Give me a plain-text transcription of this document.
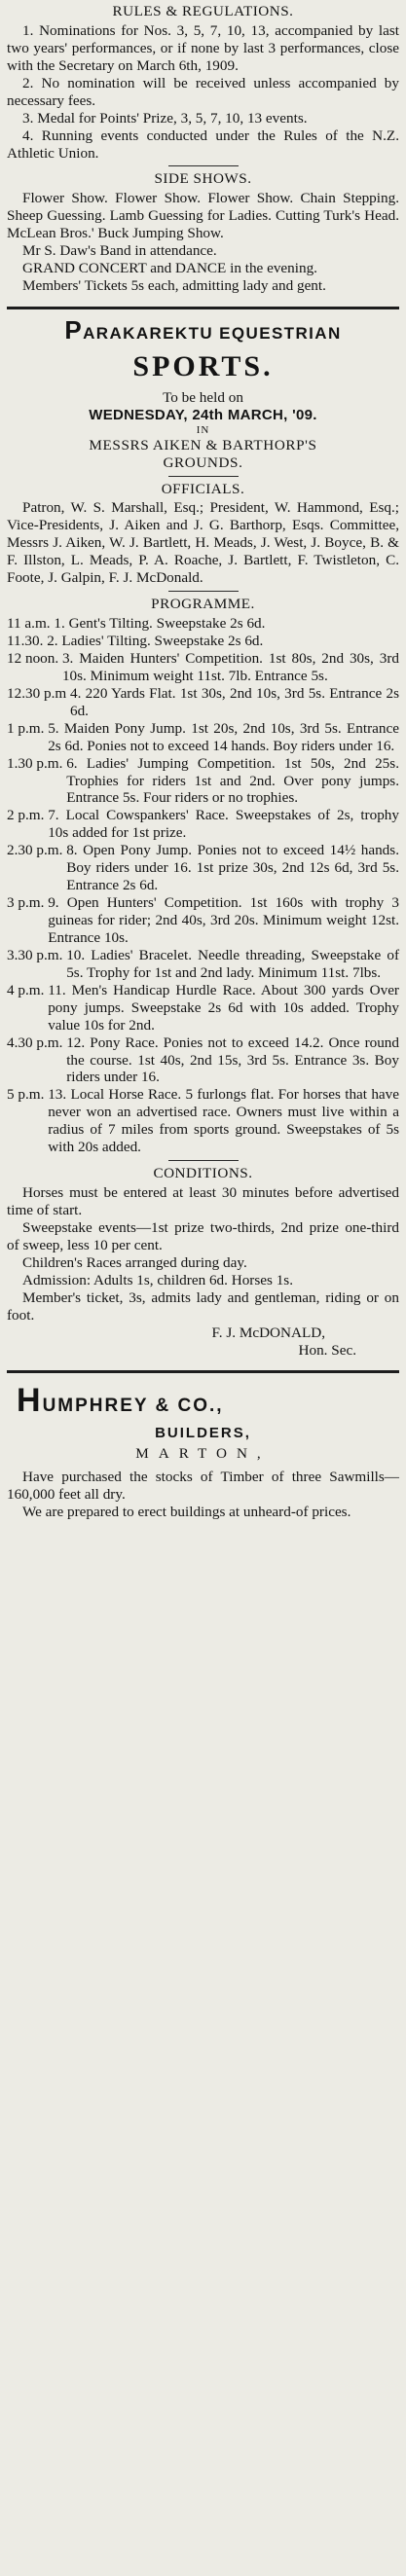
RULES & REGULATIONS.

1. Nominations for Nos. 3, 5, 7, 10, 13, accompanied by last two years' performances, or if none by last 3 performances, close with the Secretary on March 6th, 1909.

2. No nomination will be received unless accompanied by necessary fees.

3. Medal for Points' Prize, 3, 5, 7, 10, 13 events.

4. Running events conducted under the Rules of the N.Z. Athletic Union.

SIDE SHOWS.

Flower Show. Flower Show. Flower Show. Chain Stepping. Sheep Guessing. Lamb Guessing for Ladies. Cutting Turk's Head. McLean Bros.' Buck Jumping Show.

Mr S. Daw's Band in attendance.

GRAND CONCERT and DANCE in the evening.

Members' Tickets 5s each, admitting lady and gent.

PARAKAREKTU EQUESTRIAN
SPORTS.
To be held on
WEDNESDAY, 24th MARCH, '09.
IN
MESSRS AIKEN & BARTHORP'S
GROUNDS.
OFFICIALS.

Patron, W. S. Marshall, Esq.; President, W. Hammond, Esq.; Vice-Presidents, J. Aiken and J. G. Barthorp, Esqs. Committee, Messrs J. Aiken, W. J. Bartlett, H. Meads, J. West, J. Boyce, B. & F. Illston, L. Meads, P. A. Roache, J. Bartlett, F. Twistleton, C. Foote, J. Galpin, F. J. McDonald.

PROGRAMME.
11 a.m. 1. Gent's Tilting. Sweepstake 2s 6d.
11.30. 2. Ladies' Tilting. Sweepstake 2s 6d.
12 noon. 3. Maiden Hunters' Competition. 1st 80s, 2nd 30s, 3rd 10s. Minimum weight 11st. 7lb. Entrance 5s.
12.30 p.m 4. 220 Yards Flat. 1st 30s, 2nd 10s, 3rd 5s. Entrance 2s 6d.
1 p.m. 5. Maiden Pony Jump. 1st 20s, 2nd 10s, 3rd 5s. Entrance 2s 6d. Ponies not to exceed 14 hands. Boy riders under 16.
1.30 p.m. 6. Ladies' Jumping Competition. 1st 50s, 2nd 25s. Trophies for riders 1st and 2nd. Over pony jumps. Entrance 5s. Four riders or no trophies.
2 p.m. 7. Local Cowspankers' Race. Sweepstakes of 2s, trophy 10s added for 1st prize.
2.30 p.m. 8. Open Pony Jump. Ponies not to exceed 14½ hands. Boy riders under 16. 1st prize 30s, 2nd 12s 6d, 3rd 5s. Entrance 2s 6d.
3 p.m. 9. Open Hunters' Competition. 1st 160s with trophy 3 guineas for rider; 2nd 40s, 3rd 20s. Minimum weight 12st. Entrance 10s.
3.30 p.m. 10. Ladies' Bracelet. Needle threading, Sweepstake of 5s. Trophy for 1st and 2nd lady. Minimum 11st. 7lbs.
4 p.m. 11. Men's Handicap Hurdle Race. About 300 yards Over pony jumps. Sweepstake 2s 6d with 10s added. Trophy value 10s for 2nd.
4.30 p.m. 12. Pony Race. Ponies not to exceed 14.2. Once round the course. 1st 40s, 2nd 15s, 3rd 5s. Entrance 3s. Boy riders under 16.
5 p.m. 13. Local Horse Race. 5 furlongs flat. For horses that have never won an advertised race. Owners must live within a radius of 7 miles from sports ground. Sweepstakes of 5s with 20s added.
CONDITIONS.

Horses must be entered at least 30 minutes before advertised time of start.

Sweepstake events—1st prize two-thirds, 2nd prize one-third of sweep, less 10 per cent.

Children's Races arranged during day.

Admission: Adults 1s, children 6d. Horses 1s.

Member's ticket, 3s, admits lady and gentleman, riding or on foot.

F. J. McDONALD,
Hon. Sec.
HUMPHREY & CO.,
BUILDERS,
MARTON,

Have purchased the stocks of Timber of three Sawmills—160,000 feet all dry.

We are prepared to erect buildings at unheard-of prices.
